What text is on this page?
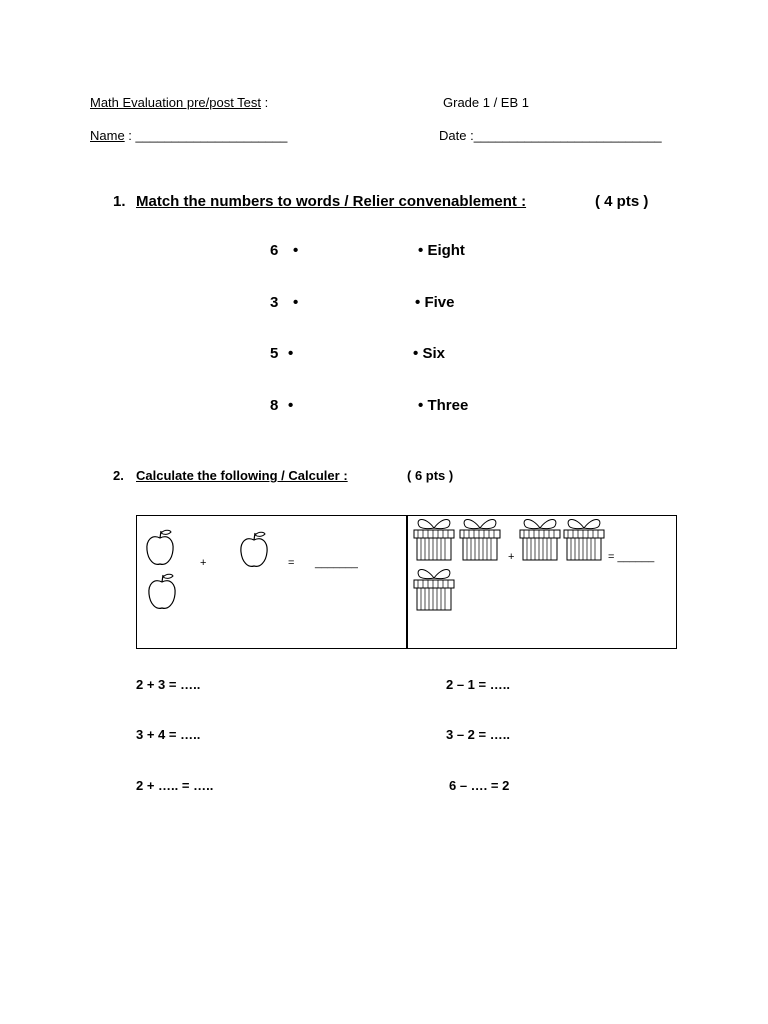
Math Evaluation pre/post Test :	Grade 1 / EB 1
Name : _____________________	Date :__________________________
1. Match the numbers to words / Relier convenablement :	( 4 pts )
6 •	• Eight
3 •	• Five
5 •	• Six
8 •	• Three
2. Calculate the following / Calculer :	( 6 pts )
+	= _______	+	= ______
2 + 3 = …..	2 – 1 = …..
3 + 4 = …..	3 – 2 = …..
2 + ….. = …..	6 – …. = 2
